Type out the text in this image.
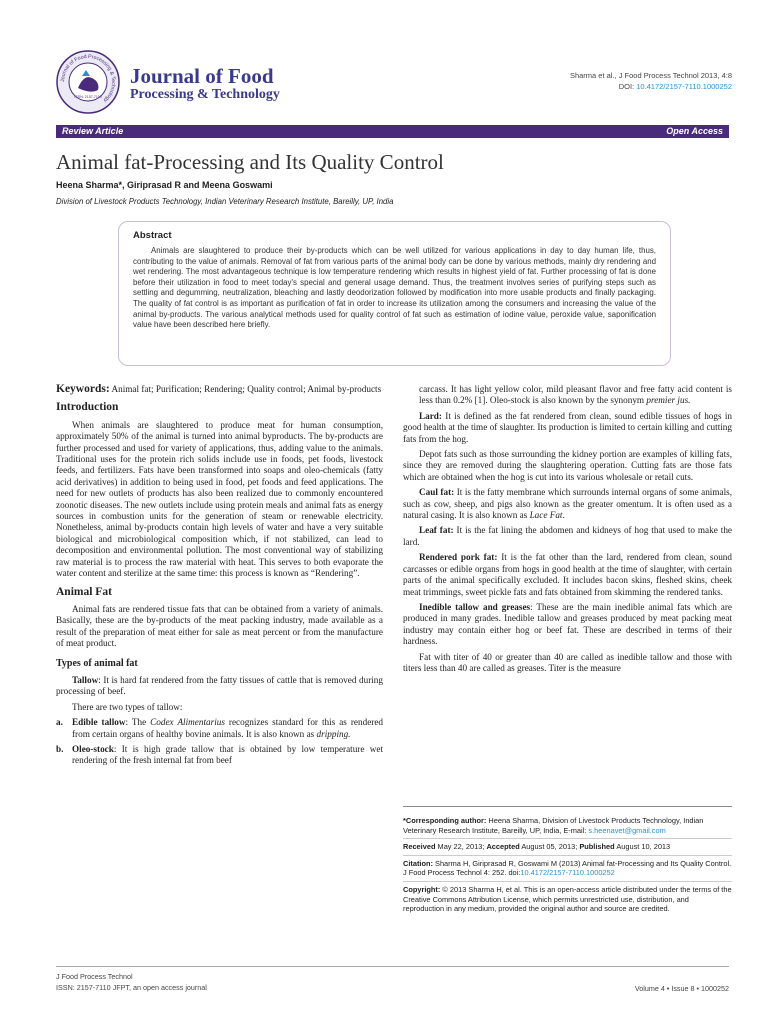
Journal of Food Processing & Technology
ISSN: 2157-7110
Journal of Food
Processing & Technology
Sharma et al., J Food Process Technol 2013, 4:8
DOI: 10.4172/2157-7110.1000252
Review Article	Open Access
Animal fat-Processing and Its Quality Control
Heena Sharma*, Giriprasad R and Meena Goswami
Division of Livestock Products Technology, Indian Veterinary Research Institute, Bareilly, UP, India
Abstract

Animals are slaughtered to produce their by-products which can be well utilized for various applications in day to day human life, thus, contributing to the value of animals. Removal of fat from various parts of the animal body can be done by various methods, mainly dry rendering and wet rendering. The most advantageous technique is low temperature rendering which results in highest yield of fat. Further processing of fat is done before their utilization in food to meet today's special and general usage demand. Thus, the treatment involves series of purifying steps such as settling and degumming, neutralization, bleaching and lastly deodorization followed by modification into more usable products and finally packaging. The quality of fat control is as important as purification of fat in order to increase its utilization among the consumers and increasing the value of the animal by-products. The various analytical methods used for quality control of fat such as estimation of iodine value, peroxide value, saponification value have been described here briefly.

Keywords: Animal fat; Purification; Rendering; Quality control; Animal by-products

Introduction

When animals are slaughtered to produce meat for human consumption, approximately 50% of the animal is turned into animal byproducts. The by-products are further processed and used for variety of applications, thus, adding value to the animals. Traditional uses for the protein rich solids include use in foods, pet foods, livestock feeds, and fertilizers. Fats have been transformed into soaps and oleo-chemicals (fatty acid derivatives) in addition to being used in food, pet foods and feed applications. The need for new outlets of products has also been realized due to commonly encountered zoonotic diseases. The new outlets include using protein meals and animal fats as energy sources in combustion units for the generation of steam or renewable electricity. Nonetheless, animal by-products contain high levels of water and have a very suitable biological and microbiological composition which, if not stabilized, can lead to decomposition and environmental pollution. The most conventional way of stabilizing raw material is to process the raw material with heat. This serves to both evaporate the water content and sterilize at the same time: this process is known as “Rendering”.

Animal Fat

Animal fats are rendered tissue fats that can be obtained from a variety of animals. Basically, these are the by-products of the meat packing industry, made available as a result of the preparation of meat either for sale as meat percent or from the manufacture of meat product.

Types of animal fat

Tallow: It is hard fat rendered from the fatty tissues of cattle that is removed during processing of beef.

There are two types of tallow:

a. Edible tallow: The Codex Alimentarius recognizes standard for this as rendered from certain organs of healthy bovine animals. It is also known as dripping.
b. Oleo-stock: It is high grade tallow that is obtained by low temperature wet rendering of the fresh internal fat from beef

carcass. It has light yellow color, mild pleasant flavor and free fatty acid content is less than 0.2% [1]. Oleo-stock is also known by the synonym premier jus.

Lard: It is defined as the fat rendered from clean, sound edible tissues of hogs in good health at the time of slaughter. Its production is limited to certain killing and cutting fats from the hog.

Depot fats such as those surrounding the kidney portion are examples of killing fats, since they are removed during the slaughtering operation. Cutting fats are those fats which are obtained when the hog is cut into its various wholesale or retail cuts.

Caul fat: It is the fatty membrane which surrounds internal organs of some animals, such as cow, sheep, and pigs also known as the greater omentum. It is often used as a natural casing. It is also known as Lace Fat.

Leaf fat: It is the fat lining the abdomen and kidneys of hog that used to make the lard.

Rendered pork fat: It is the fat other than the lard, rendered from clean, sound carcasses or edible organs from hogs in good health at the time of slaughter, with certain parts of the animal specifically excluded. It includes bacon skins, fleshed skins, cheek meat trimmings, sweet pickle fats and fats obtained from skimming the rendered tanks.

Inedible tallow and greases: These are the main inedible animal fats which are produced in many grades. Inedible tallow and greases produced by meat packing meat industry may contain either hog or beef fat. These are described in terms of their hardness.

Fat with titer of 40 or greater than 40 are called as inedible tallow and those with titers less than 40 are called as greases. Titer is the measure

*Corresponding author: Heena Sharma, Division of Livestock Products Technology, Indian Veterinary Research Institute, Bareilly, UP, India, E-mail: s.heenavet@gmail.com
Received May 22, 2013; Accepted August 05, 2013; Published August 10, 2013
Citation: Sharma H, Giriprasad R, Goswami M (2013) Animal fat-Processing and Its Quality Control. J Food Process Technol 4: 252. doi:10.4172/2157-7110.1000252
Copyright: © 2013 Sharma H, et al. This is an open-access article distributed under the terms of the Creative Commons Attribution License, which permits unrestricted use, distribution, and reproduction in any medium, provided the original author and source are credited.
J Food Process Technol
ISSN: 2157-7110 JFPT, an open access journal	Volume 4 • Issue 8 • 1000252
